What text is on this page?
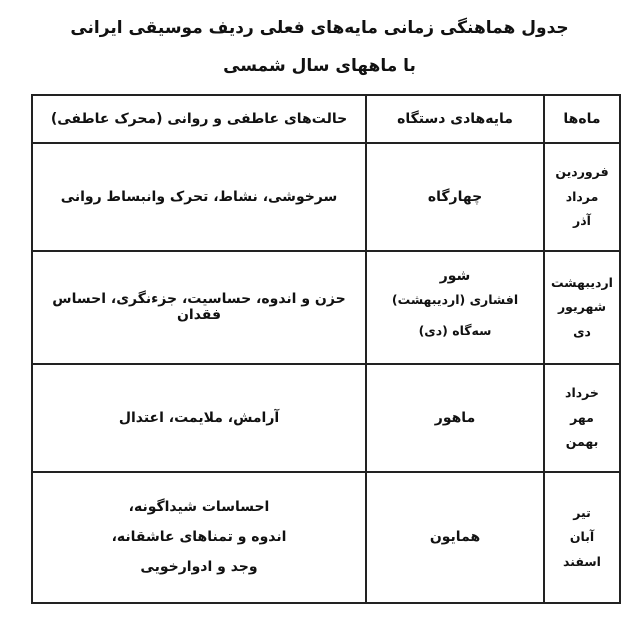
جدول هماهنگی زمانی مایه‌های فعلی ردیف موسیقی ایرانی
با ماههای سال شمسی
ماه‌ها	مایه‌هادی دستگاه	حالت‌های عاطفی و روانی (محرک عاطفی)

فروردین
مرداد
آذر	چهارگاه	سرخوشی، نشاط، تحرک وانبساط روانی

اردیبهشت
شهریور
دی	شور
افشاری (اردیبهشت)
سه‌گاه (دی)	حزن و اندوه، حساسیت، جزءنگری، احساس فقدان

خرداد
مهر
بهمن	ماهور	آرامش، ملایمت، اعتدال

تیر
آبان
اسفند	همایون	احساسات شیداگونه،
اندوه و تمناهای عاشقانه،
وجد و ادوارخویی
